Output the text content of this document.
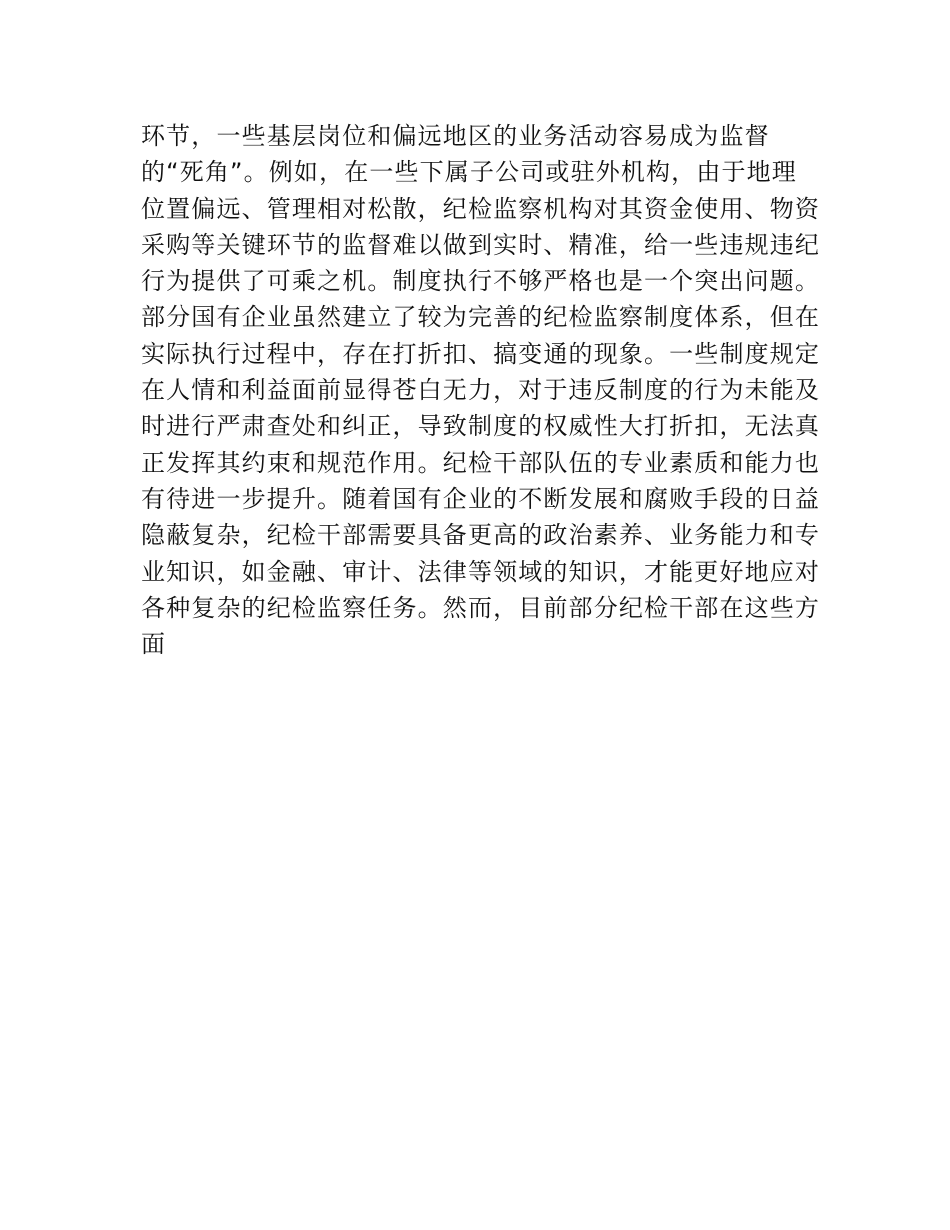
环节，一些基层岗位和偏远地区的业务活动容易成为监督
的“死角”。例如，在一些下属子公司或驻外机构，由于地理
位置偏远、管理相对松散，纪检监察机构对其资金使用、物资
采购等关键环节的监督难以做到实时、精准，给一些违规违纪
行为提供了可乘之机。制度执行不够严格也是一个突出问题。
部分国有企业虽然建立了较为完善的纪检监察制度体系，但在
实际执行过程中，存在打折扣、搞变通的现象。一些制度规定
在人情和利益面前显得苍白无力，对于违反制度的行为未能及
时进行严肃查处和纠正，导致制度的权威性大打折扣，无法真
正发挥其约束和规范作用。纪检干部队伍的专业素质和能力也
有待进一步提升。随着国有企业的不断发展和腐败手段的日益
隐蔽复杂，纪检干部需要具备更高的政治素养、业务能力和专
业知识，如金融、审计、法律等领域的知识，才能更好地应对
各种复杂的纪检监察任务。然而，目前部分纪检干部在这些方
面
